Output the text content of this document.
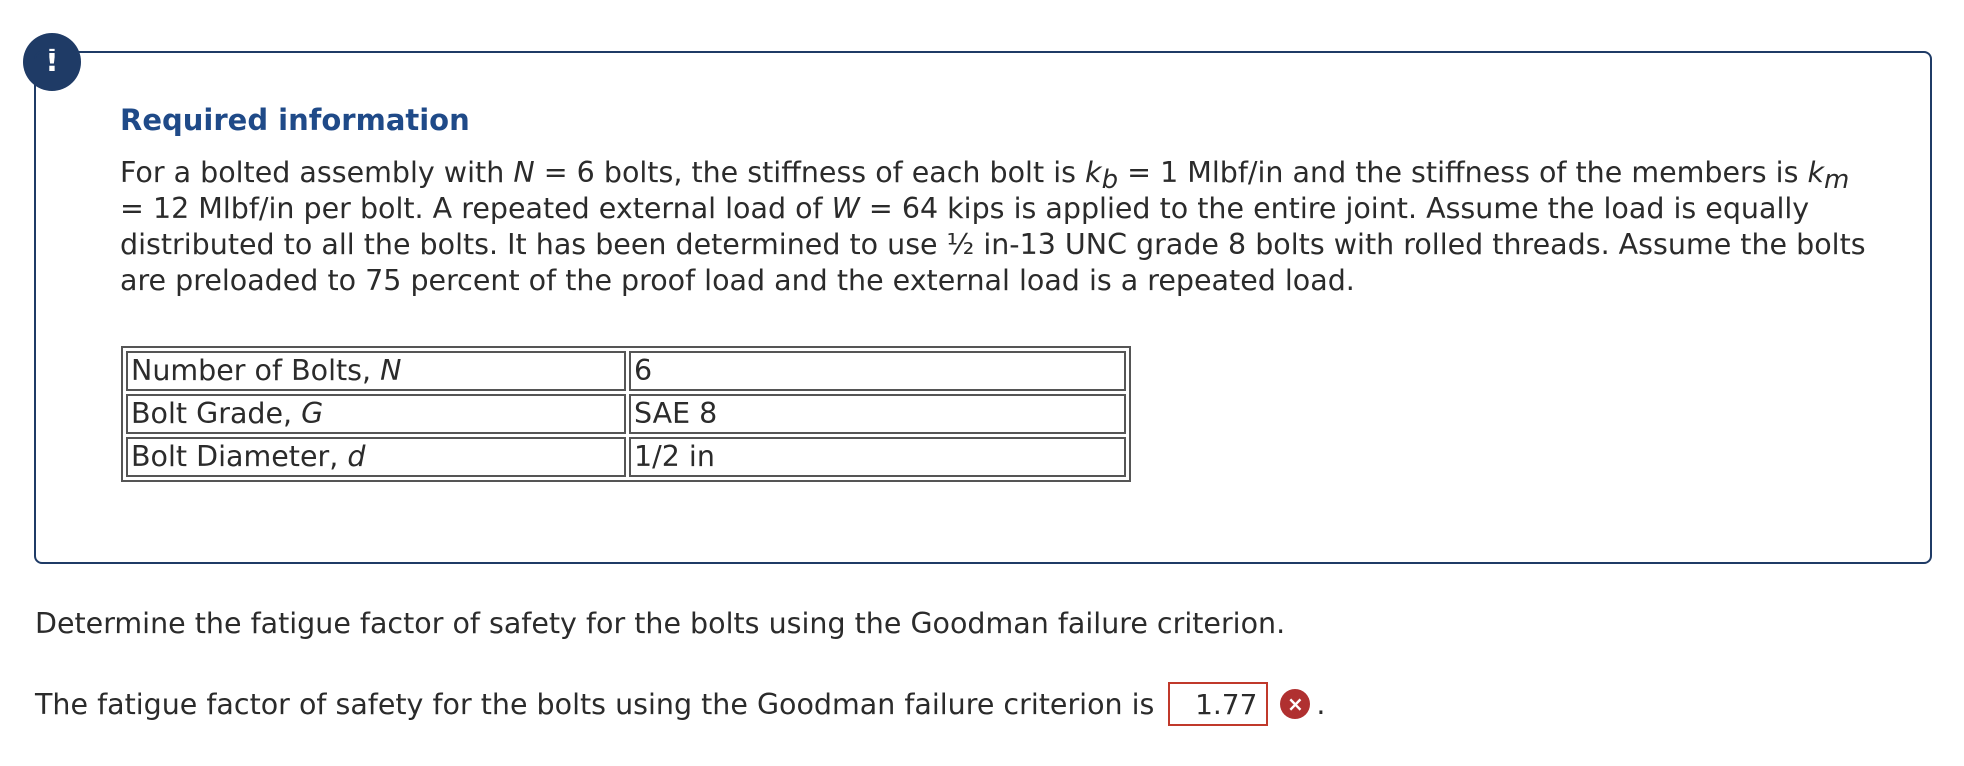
!
Required information

For a bolted assembly with N = 6 bolts, the stiffness of each bolt is $k_b = 1$ Mlbf/in and the stiffness of the members is $k_m = 12$ Mlbf/in per bolt. A repeated external load of W = 64 kips is applied to the entire joint. Assume the load is equally distributed to all the bolts. It has been determined to use ½ in-13 UNC grade 8 bolts with rolled threads. Assume the bolts are preloaded to 75 percent of the proof load and the external load is a repeated load.

Number of Bolts, N	6
Bolt Grade, G	SAE 8
Bolt Diameter, d	1/2 in

Determine the fatigue factor of safety for the bolts using the Goodman failure criterion.

The fatigue factor of safety for the bolts using the Goodman failure criterion is 1.77 × .
